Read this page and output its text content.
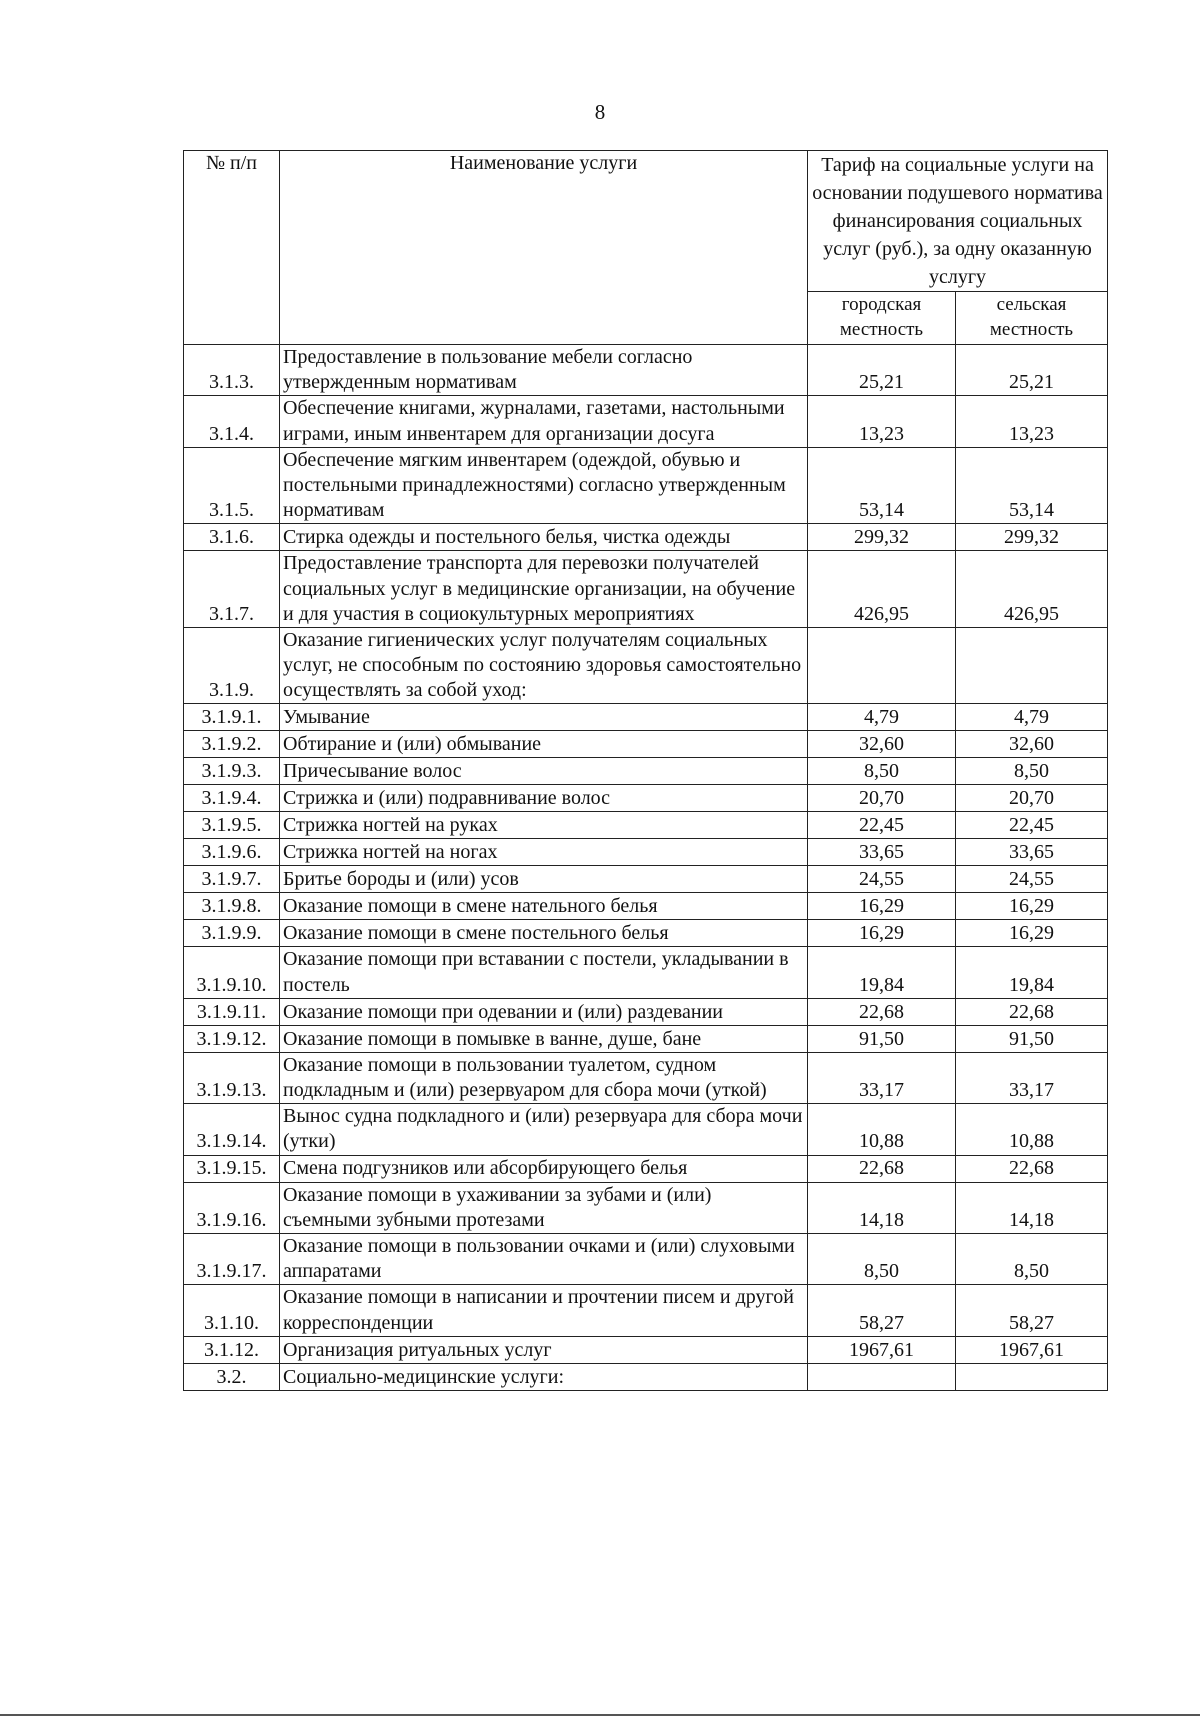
8
№ п/п	Наименование услуги	Тариф на социальные услуги на основании подушевого норматива финансирования социальных услуг (руб.), за одну оказанную услугу	
		городская местность	сельская местность
3.1.3.	Предоставление в пользование мебели согласно утвержденным нормативам	25,21	25,21
3.1.4.	Обеспечение книгами, журналами, газетами, настольными играми, иным инвентарем для организации досуга	13,23	13,23
3.1.5.	Обеспечение мягким инвентарем (одеждой, обувью и постельными принадлежностями) согласно утвержденным нормативам	53,14	53,14
3.1.6.	Стирка одежды и постельного белья, чистка одежды	299,32	299,32
3.1.7.	Предоставление транспорта для перевозки получателей социальных услуг в медицинские организации, на обучение и для участия в социокультурных мероприятиях	426,95	426,95
3.1.9.	Оказание гигиенических услуг получателям социальных услуг, не способным по состоянию здоровья самостоятельно осуществлять за собой уход:		
3.1.9.1.	Умывание	4,79	4,79
3.1.9.2.	Обтирание и (или) обмывание	32,60	32,60
3.1.9.3.	Причесывание волос	8,50	8,50
3.1.9.4.	Стрижка и (или) подравнивание волос	20,70	20,70
3.1.9.5.	Стрижка ногтей на руках	22,45	22,45
3.1.9.6.	Стрижка ногтей на ногах	33,65	33,65
3.1.9.7.	Бритье бороды и (или) усов	24,55	24,55
3.1.9.8.	Оказание помощи в смене нательного белья	16,29	16,29
3.1.9.9.	Оказание помощи в смене постельного белья	16,29	16,29
3.1.9.10.	Оказание помощи при вставании с постели, укладывании в постель	19,84	19,84
3.1.9.11.	Оказание помощи при одевании и (или) раздевании	22,68	22,68
3.1.9.12.	Оказание помощи в помывке в ванне, душе, бане	91,50	91,50
3.1.9.13.	Оказание помощи в пользовании туалетом, судном подкладным и (или) резервуаром для сбора мочи (уткой)	33,17	33,17
3.1.9.14.	Вынос судна подкладного и (или) резервуара для сбора мочи (утки)	10,88	10,88
3.1.9.15.	Смена подгузников или абсорбирующего белья	22,68	22,68
3.1.9.16.	Оказание помощи в ухаживании за зубами и (или) съемными зубными протезами	14,18	14,18
3.1.9.17.	Оказание помощи в пользовании очками и (или) слуховыми аппаратами	8,50	8,50
3.1.10.	Оказание помощи в написании и прочтении писем и другой корреспонденции	58,27	58,27
3.1.12.	Организация ритуальных услуг	1967,61	1967,61
3.2.	Социально-медицинские услуги:		
